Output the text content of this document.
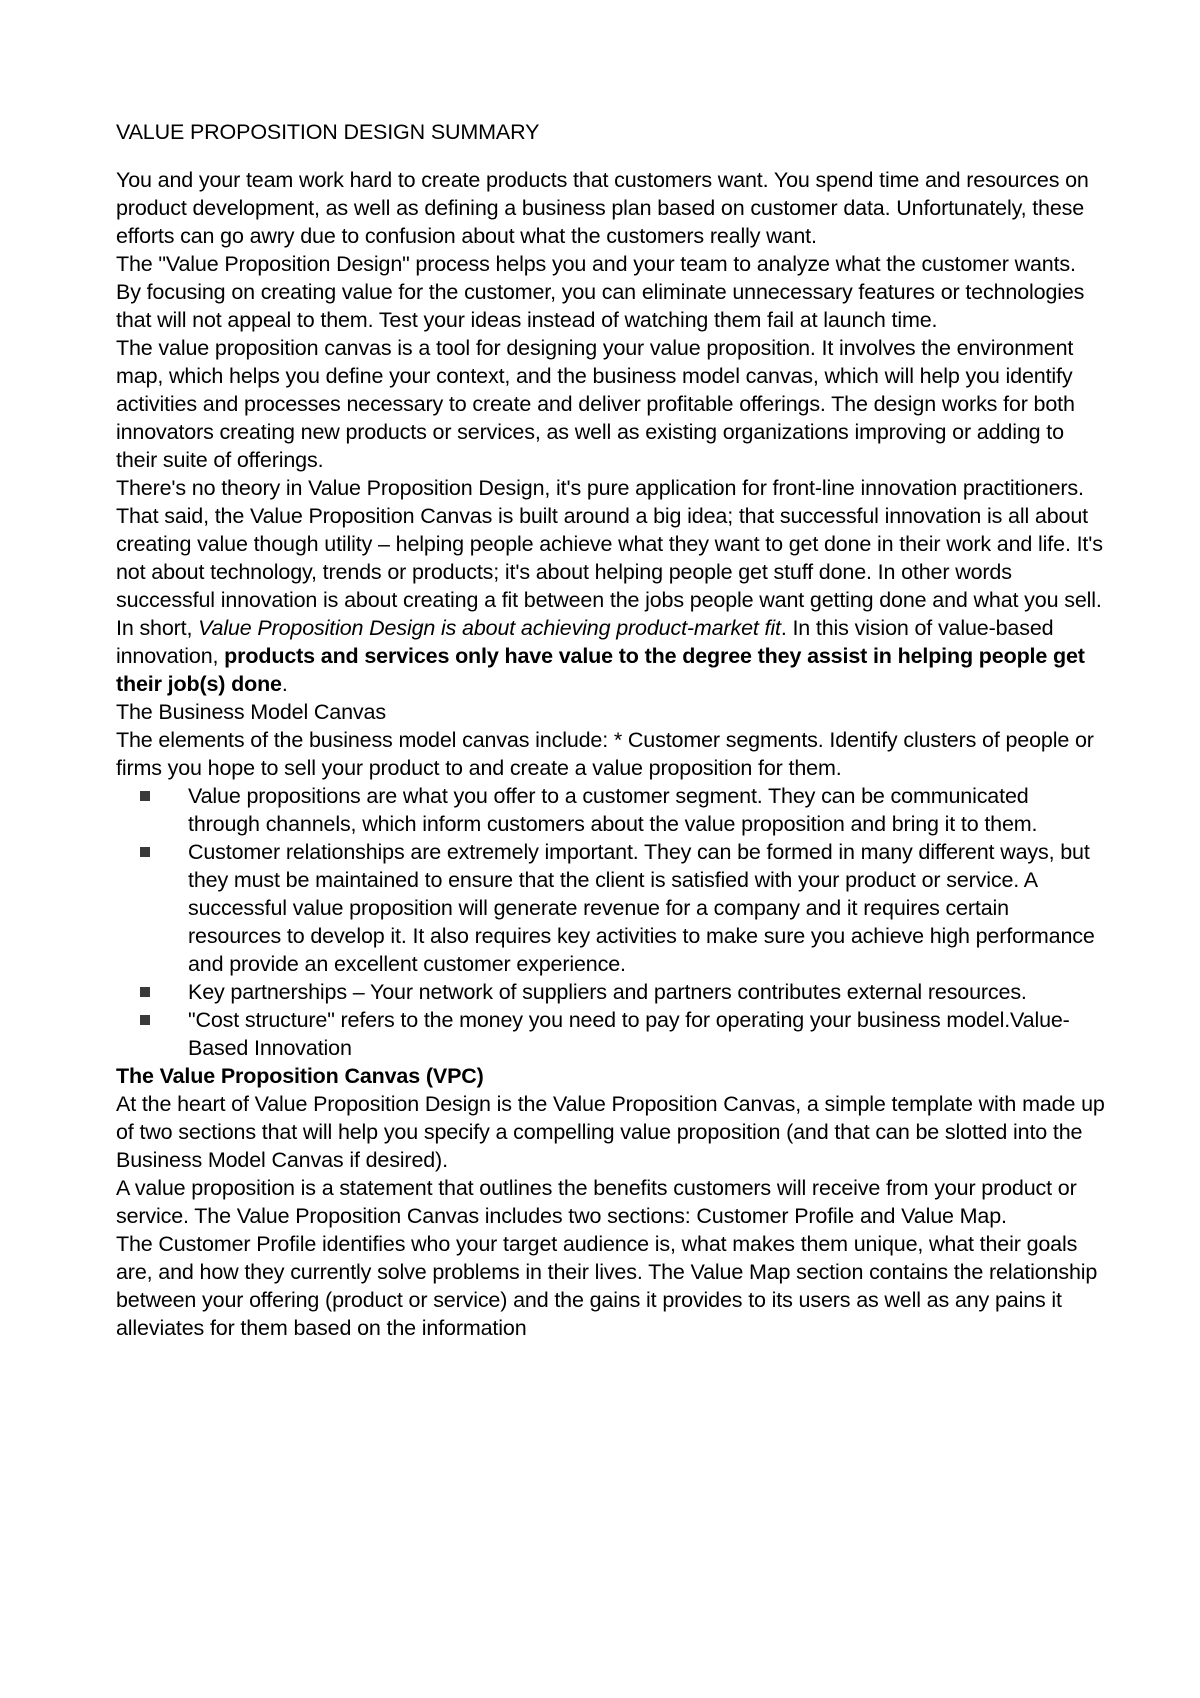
VALUE PROPOSITION DESIGN SUMMARY

You and your team work hard to create products that customers want. You spend time and resources on product development, as well as defining a business plan based on customer data. Unfortunately, these efforts can go awry due to confusion about what the customers really want.

The "Value Proposition Design" process helps you and your team to analyze what the customer wants. By focusing on creating value for the customer, you can eliminate unnecessary features or technologies that will not appeal to them. Test your ideas instead of watching them fail at launch time.

The value proposition canvas is a tool for designing your value proposition. It involves the environment map, which helps you define your context, and the business model canvas, which will help you identify activities and processes necessary to create and deliver profitable offerings. The design works for both innovators creating new products or services, as well as existing organizations improving or adding to their suite of offerings.

There's no theory in Value Proposition Design, it's pure application for front-line innovation practitioners. That said, the Value Proposition Canvas is built around a big idea; that successful innovation is all about creating value though utility – helping people achieve what they want to get done in their work and life. It's not about technology, trends or products; it's about helping people get stuff done. In other words successful innovation is about creating a fit between the jobs people want getting done and what you sell. In short, Value Proposition Design is about achieving product-market fit. In this vision of value-based innovation, products and services only have value to the degree they assist in helping people get their job(s) done.

The Business Model Canvas

The elements of the business model canvas include: * Customer segments. Identify clusters of people or firms you hope to sell your product to and create a value proposition for them.

Value propositions are what you offer to a customer segment. They can be communicated through channels, which inform customers about the value proposition and bring it to them.
Customer relationships are extremely important. They can be formed in many different ways, but they must be maintained to ensure that the client is satisfied with your product or service. A successful value proposition will generate revenue for a company and it requires certain resources to develop it. It also requires key activities to make sure you achieve high performance and provide an excellent customer experience.
Key partnerships – Your network of suppliers and partners contributes external resources.
"Cost structure" refers to the money you need to pay for operating your business model.Value-Based Innovation

The Value Proposition Canvas (VPC)

At the heart of Value Proposition Design is the Value Proposition Canvas, a simple template with made up of two sections that will help you specify a compelling value proposition (and that can be slotted into the Business Model Canvas if desired).

A value proposition is a statement that outlines the benefits customers will receive from your product or service. The Value Proposition Canvas includes two sections: Customer Profile and Value Map.

The Customer Profile identifies who your target audience is, what makes them unique, what their goals are, and how they currently solve problems in their lives. The Value Map section contains the relationship between your offering (product or service) and the gains it provides to its users as well as any pains it alleviates for them based on the information
